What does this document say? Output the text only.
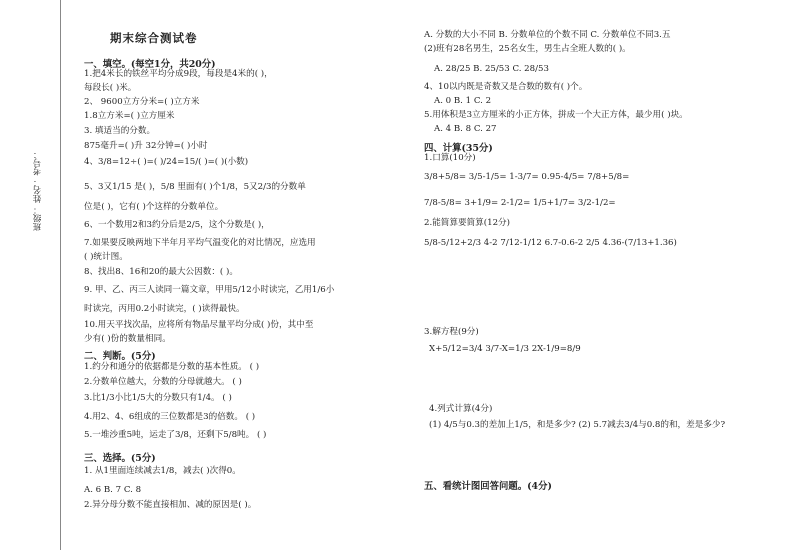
班级： 姓名： 考号：
期末综合测试卷
一、填空。(每空1分，共20分)
1.把4米长的铁丝平均分成9段，每段是4米的( )，
每段长( )米。
2、 9600立方分米=( )立方米
1.8立方米=( )立方厘米
3. 填适当的分数。
875毫升=( )升 32分钟=( )小时
4、3/8=12÷( )=( )/24=15/( )=( )(小数)
5、3又1/15 是( )，5/8 里面有( )个1/8，5又2/3的分数单
位是( )，它有( )个这样的分数单位。
6、一个数用2和3约分后是2/5，这个分数是( )，
7.如果要反映两地下半年月平均气温变化的对比情况，应选用
( )统计图。
8、找出8、16和20的最大公因数：( )。
9. 甲、乙、丙三人读同一篇文章，甲用5/12小时读完，乙用1/6小
时读完，丙用0.2小时读完，( )读得最快。
10.用天平找次品，应将所有物品尽量平均分成( )份，其中至
少有( )份的数量相同。
二、判断。(5分)
1.约分和通分的依据都是分数的基本性质。 ( )
2.分数单位越大，分数的分母就越大。 ( )
3.比1/3小比1/5大的分数只有1/4。 ( )
4.用2、4、6组成的三位数都是3的倍数。 ( )
5.一堆沙重5吨，运走了3/8，还剩下5/8吨。 ( )
三、选择。(5分)
1. 从1里面连续减去1/8，减去( )次得0。
A. 6 B. 7 C. 8
2.异分母分数不能直接相加、减的原因是( )。
A. 分数的大小不同 B. 分数单位的个数不同 C. 分数单位不同3.五
(2)班有28名男生，25名女生，男生占全班人数的( )。
A. 28/25 B. 25/53 C. 28/53
4、10以内既是奇数又是合数的数有( )个。
A. 0 B. 1 C. 2
5.用体积是3立方厘米的小正方体，拼成一个大正方体，最少用( )块。
A. 4 B. 8 C. 27
四、计算(35分)
1.口算(10分)
3/8+5/8= 3/5-1/5= 1-3/7= 0.95-4/5= 7/8+5/8=
7/8-5/8= 3+1/9= 2-1/2= 1/5+1/7= 3/2-1/2=
2.能简算要简算(12分)
5/8-5/12+2/3 4-2 7/12-1/12 6.7-0.6-2 2/5 4.36-(7/13+1.36)
3.解方程(9分)
X+5/12=3/4 3/7-X=1/3 2X-1/9=8/9
4.列式计算(4分)
(1) 4/5与0.3的差加上1/5，和是多少? (2) 5.7减去3/4与0.8的和，差是多少?
五、看统计图回答问题。(4分)
